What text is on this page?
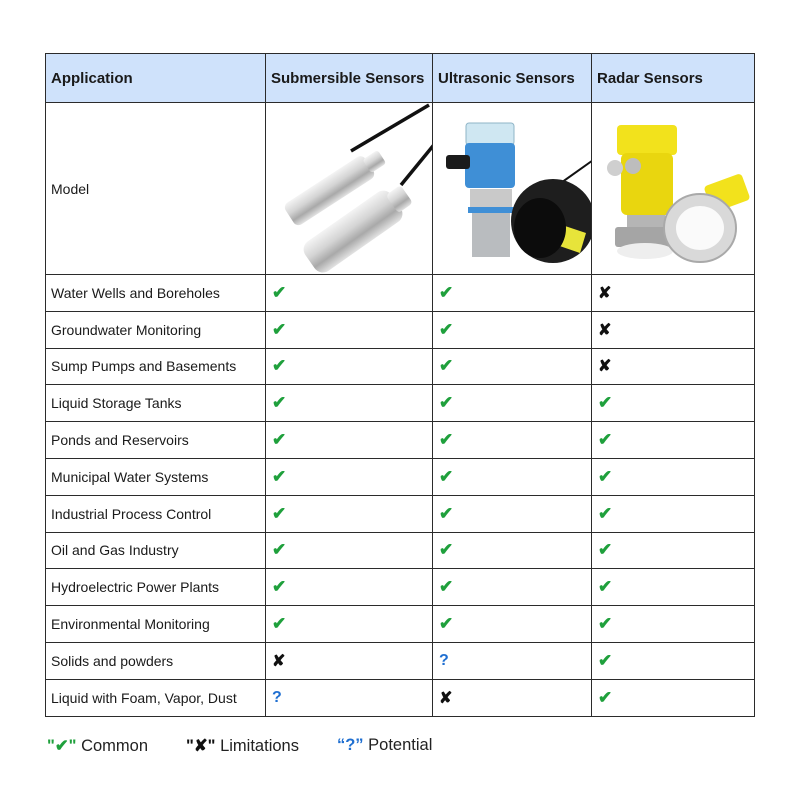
Application	Submersible Sensors	Ultrasonic Sensors	Radar Sensors
Model	

Water Wells and Boreholes	✔	✔	✘
Groundwater Monitoring	✔	✔	✘
Sump Pumps and Basements	✔	✔	✘
Liquid Storage Tanks	✔	✔	✔
Ponds and Reservoirs	✔	✔	✔
Municipal Water Systems	✔	✔	✔
Industrial Process Control	✔	✔	✔
Oil and Gas Industry	✔	✔	✔
Hydroelectric Power Plants	✔	✔	✔
Environmental Monitoring	✔	✔	✔
Solids and powders	✘	?	✔
Liquid with Foam, Vapor, Dust	?	✘	✔
"✔" Common "✘" Limitations “?” Potential
